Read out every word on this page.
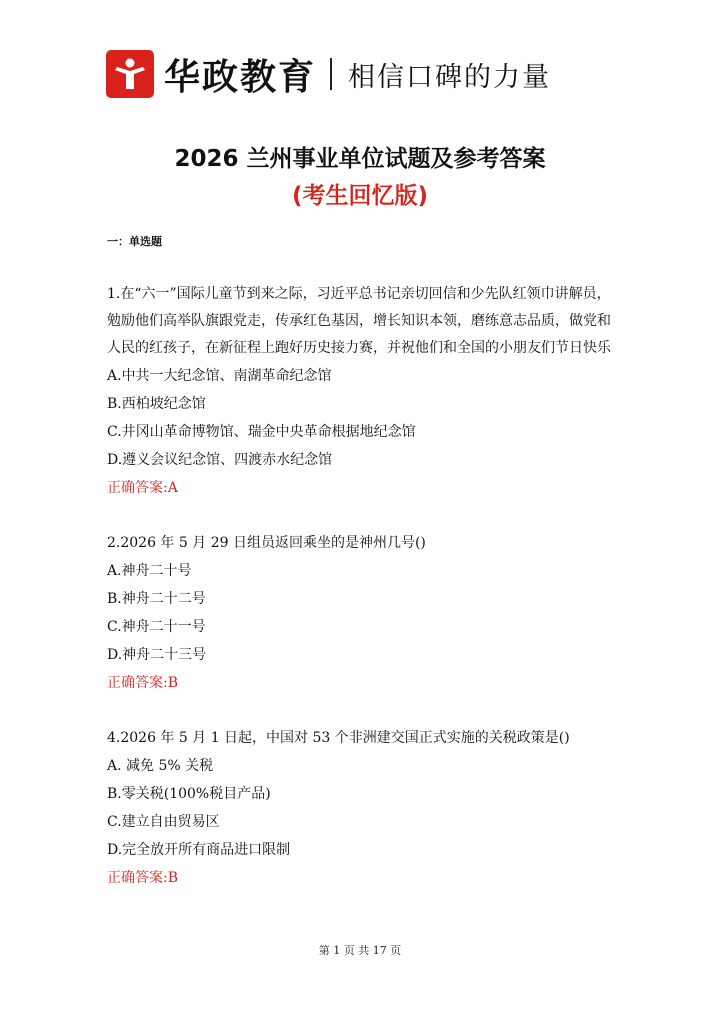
华政教育 相信口碑的力量
2026 兰州事业单位试题及参考答案
(考生回忆版)
一：单选题
1.在“六一”国际儿童节到来之际，习近平总书记亲切回信和少先队红领巾讲解员，勉励他们高举队旗跟党走，传承红色基因，增长知识本领，磨练意志品质，做党和人民的红孩子，在新征程上跑好历史接力赛，并祝他们和全国的小朋友们节日快乐
A.中共一大纪念馆、南湖革命纪念馆
B.西柏坡纪念馆
C.井冈山革命博物馆、瑞金中央革命根据地纪念馆
D.遵义会议纪念馆、四渡赤水纪念馆
正确答案:A
2.2026 年 5 月 29 日组员返回乘坐的是神州几号()
A.神舟二十号
B.神舟二十二号
C.神舟二十一号
D.神舟二十三号
正确答案:B
4.2026 年 5 月 1 日起，中国对 53 个非洲建交国正式实施的关税政策是()
A. 减免 5% 关税
B.零关税(100%税目产品)
C.建立自由贸易区
D.完全放开所有商品进口限制
正确答案:B
第 1 页 共 17 页
